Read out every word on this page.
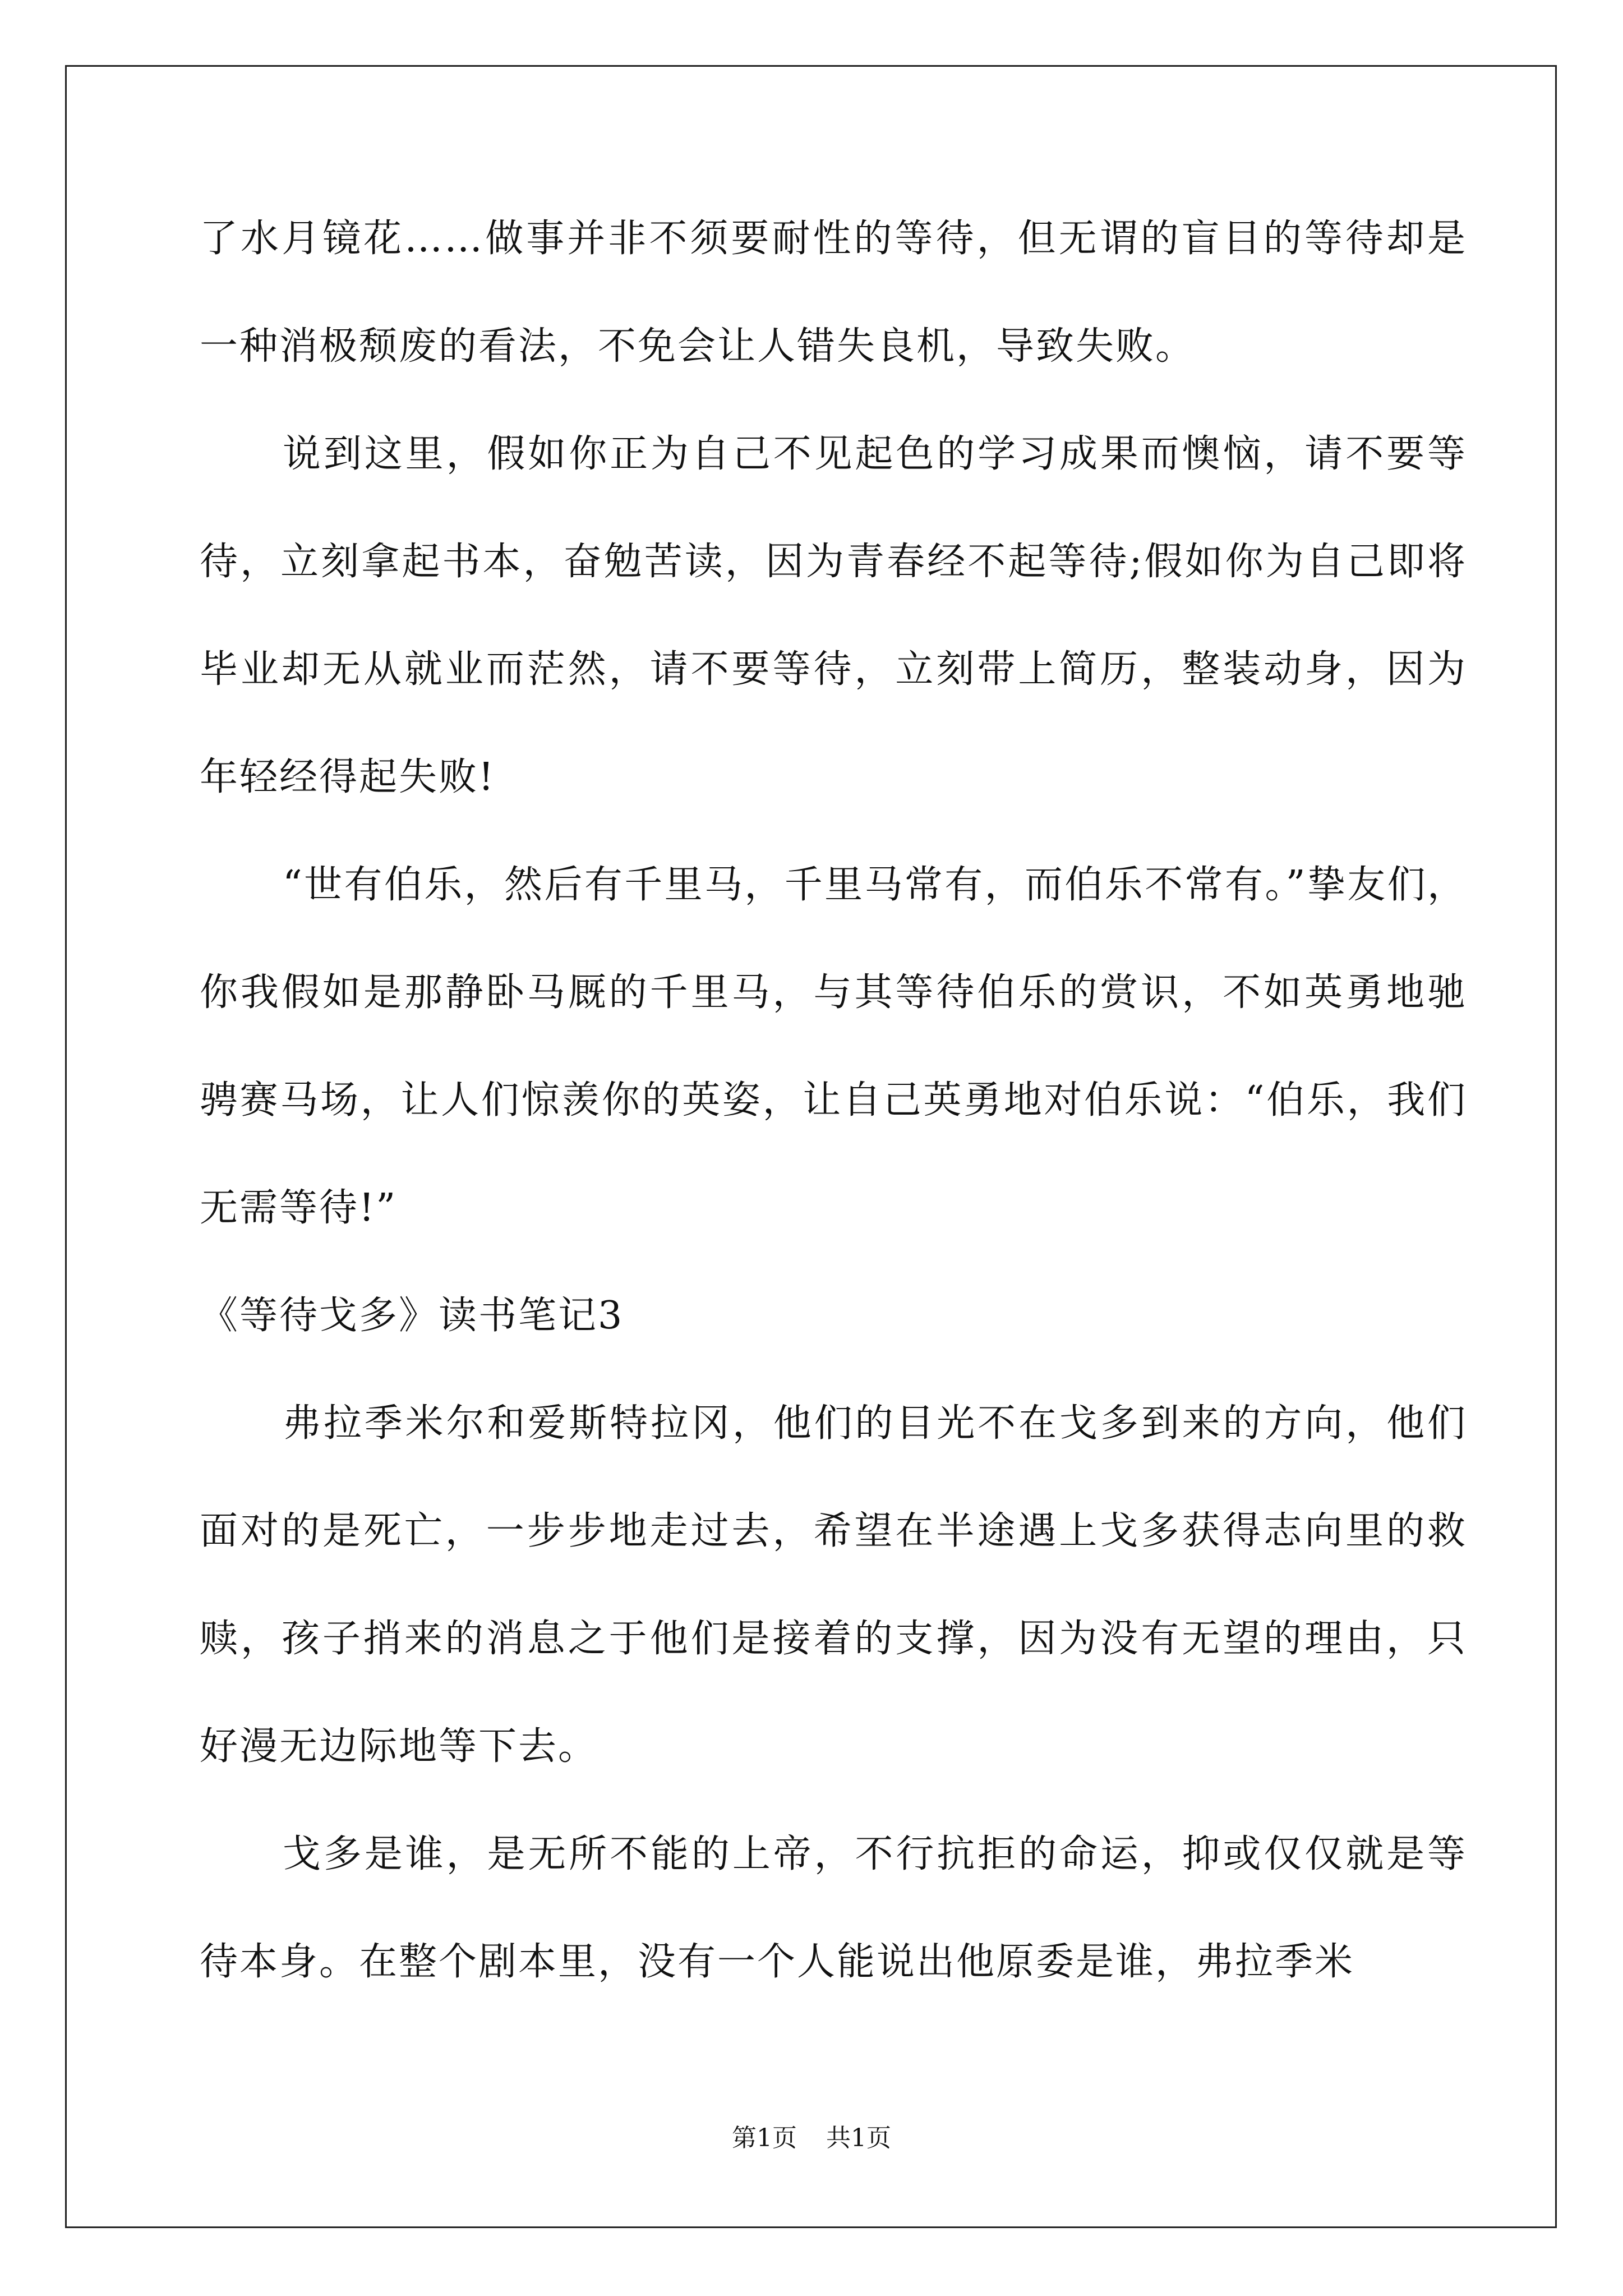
了水月镜花……做事并非不须要耐性的等待，但无谓的盲目的等待却是一种消极颓废的看法，不免会让人错失良机，导致失败。

说到这里，假如你正为自己不见起色的学习成果而懊恼，请不要等待，立刻拿起书本，奋勉苦读，因为青春经不起等待;假如你为自己即将毕业却无从就业而茫然，请不要等待，立刻带上简历，整装动身，因为年轻经得起失败!

“世有伯乐，然后有千里马，千里马常有，而伯乐不常有。”挚友们，你我假如是那静卧马厩的千里马，与其等待伯乐的赏识，不如英勇地驰骋赛马场，让人们惊羡你的英姿，让自己英勇地对伯乐说：“伯乐，我们无需等待!”

《等待戈多》读书笔记3

弗拉季米尔和爱斯特拉冈，他们的目光不在戈多到来的方向，他们面对的是死亡，一步步地走过去，希望在半途遇上戈多获得志向里的救赎，孩子捎来的消息之于他们是接着的支撑，因为没有无望的理由，只好漫无边际地等下去。

戈多是谁，是无所不能的上帝，不行抗拒的命运，抑或仅仅就是等待本身。在整个剧本里，没有一个人能说出他原委是谁，弗拉季米

第1页 共1页
